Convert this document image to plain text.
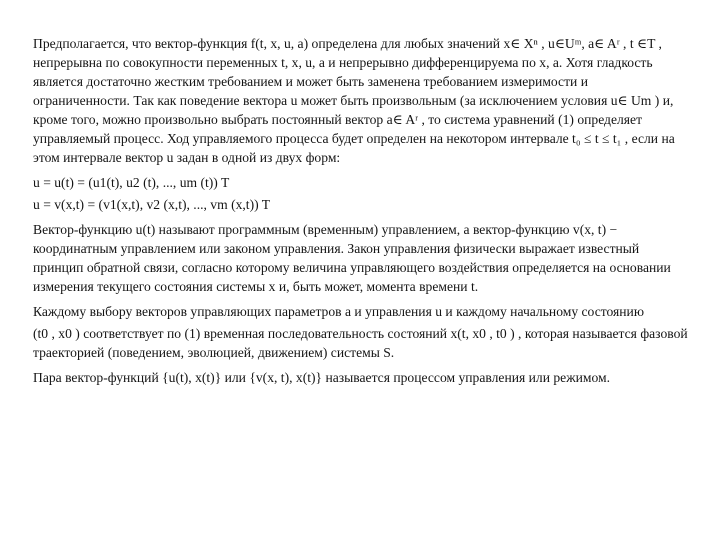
Предполагается, что вектор-функция f(t, x, u, a) определена для любых значений x∈ Xⁿ , u∈Uᵐ, a∈ Aʳ , t ∈T , непрерывна по совокупности переменных t, x, u, a и непрерывно дифференцируема по x, a. Хотя гладкость является достаточно жестким требованием и может быть заменена требованием измеримости и ограниченности. Так как поведение вектора u может быть произвольным (за исключением условия u∈ Um ) и, кроме того, можно произвольно выбрать постоянный вектор a∈ Aʳ , то система уравнений (1) определяет управляемый процесс. Ход управляемого процесса будет определен на некотором интервале t₀ ≤ t ≤ t₁ , если на этом интервале вектор u задан в одной из двух форм:

u = u(t) = (u1(t), u2 (t), ..., um (t)) T

u = v(x,t) = (v1(x,t), v2 (x,t), ..., vm (x,t)) T

Вектор-функцию u(t) называют программным (временным) управлением, а вектор-функцию v(x, t) − координатным управлением или законом управления. Закон управления физически выражает известный принцип обратной связи, согласно которому величина управляющего воздействия определяется на основании измерения текущего состояния системы x и, быть может, момента времени t.

Каждому выбору векторов управляющих параметров a и управления u и каждому начальному состоянию

(t0 , x0 ) соответствует по (1) временная последовательность состояний x(t, x0 , t0 ) , которая называется фазовой траекторией (поведением, эволюцией, движением) системы S.

Пара вектор-функций {u(t), x(t)} или {v(x, t), x(t)} называется процессом управления или режимом.
